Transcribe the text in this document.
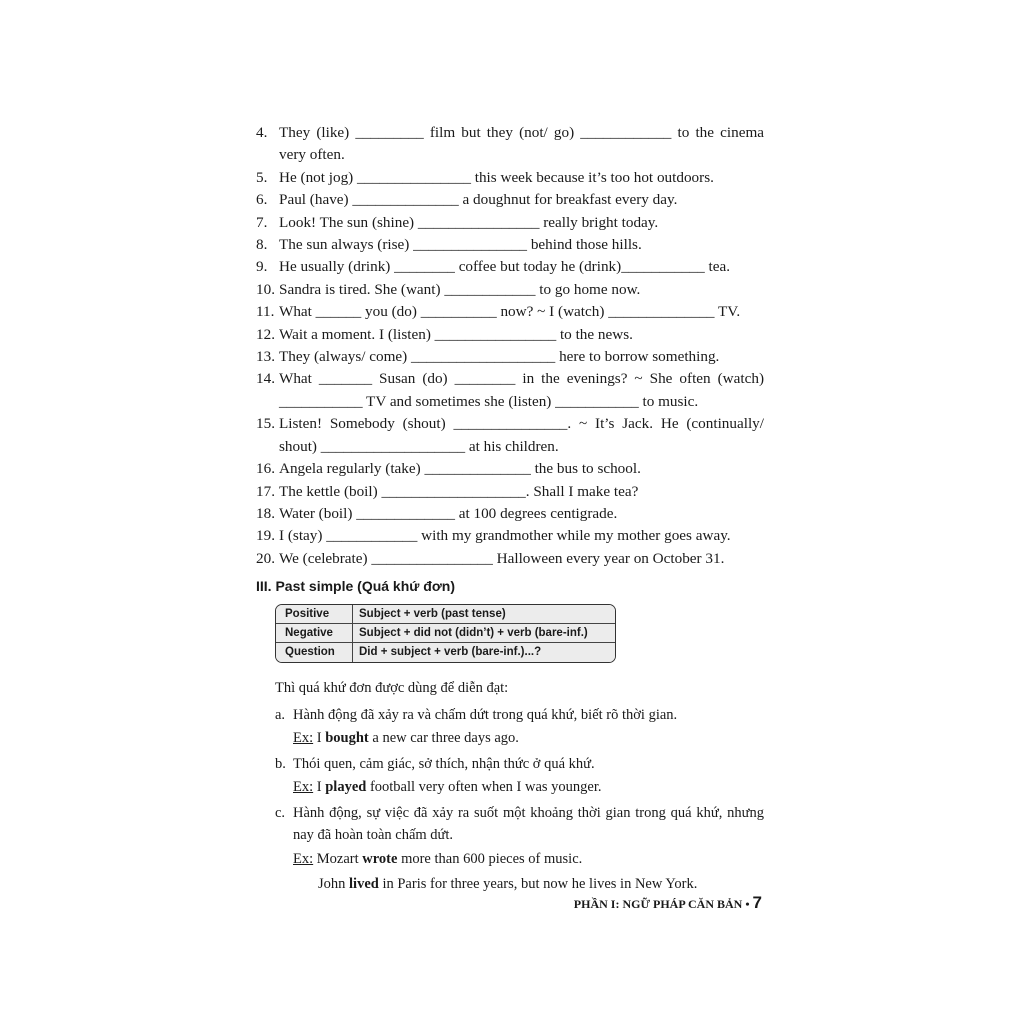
4. They (like) _________ film but they (not/ go) ____________ to the cinema very often.
5. He (not jog) _______________ this week because it’s too hot outdoors.
6. Paul (have) ______________ a doughnut for breakfast every day.
7. Look! The sun (shine) ________________ really bright today.
8. The sun always (rise) _______________ behind those hills.
9. He usually (drink) ________ coffee but today he (drink)___________ tea.
10. Sandra is tired. She (want) ____________ to go home now.
11. What ______ you (do) __________ now? ~ I (watch) ______________ TV.
12. Wait a moment. I (listen) ________________ to the news.
13. They (always/ come) ___________________ here to borrow something.
14. What _______ Susan (do) ________ in the evenings? ~ She often (watch) ___________ TV and sometimes she (listen) ___________ to music.
15. Listen! Somebody (shout) _______________. ~ It’s Jack. He (continually/ shout) ___________________ at his children.
16. Angela regularly (take) ______________ the bus to school.
17. The kettle (boil) ___________________. Shall I make tea?
18. Water (boil) _____________ at 100 degrees centigrade.
19. I (stay) ____________ with my grandmother while my mother goes away.
20. We (celebrate) ________________ Halloween every year on October 31.
III. Past simple (Quá khứ đơn)
Positive	Subject + verb (past tense)
Negative	Subject + did not (didn’t) + verb (bare-inf.)
Question	Did + subject + verb (bare-inf.)...?
Thì quá khứ đơn được dùng để diễn đạt:
a. Hành động đã xảy ra và chấm dứt trong quá khứ, biết rõ thời gian.
Ex: I bought a new car three days ago.
b. Thói quen, cảm giác, sở thích, nhận thức ở quá khứ.
Ex: I played football very often when I was younger.
c. Hành động, sự việc đã xảy ra suốt một khoảng thời gian trong quá khứ, nhưng nay đã hoàn toàn chấm dứt.
Ex: Mozart wrote more than 600 pieces of music.
John lived in Paris for three years, but now he lives in New York.
PHẦN I: NGỮ PHÁP CĂN BẢN • 7
